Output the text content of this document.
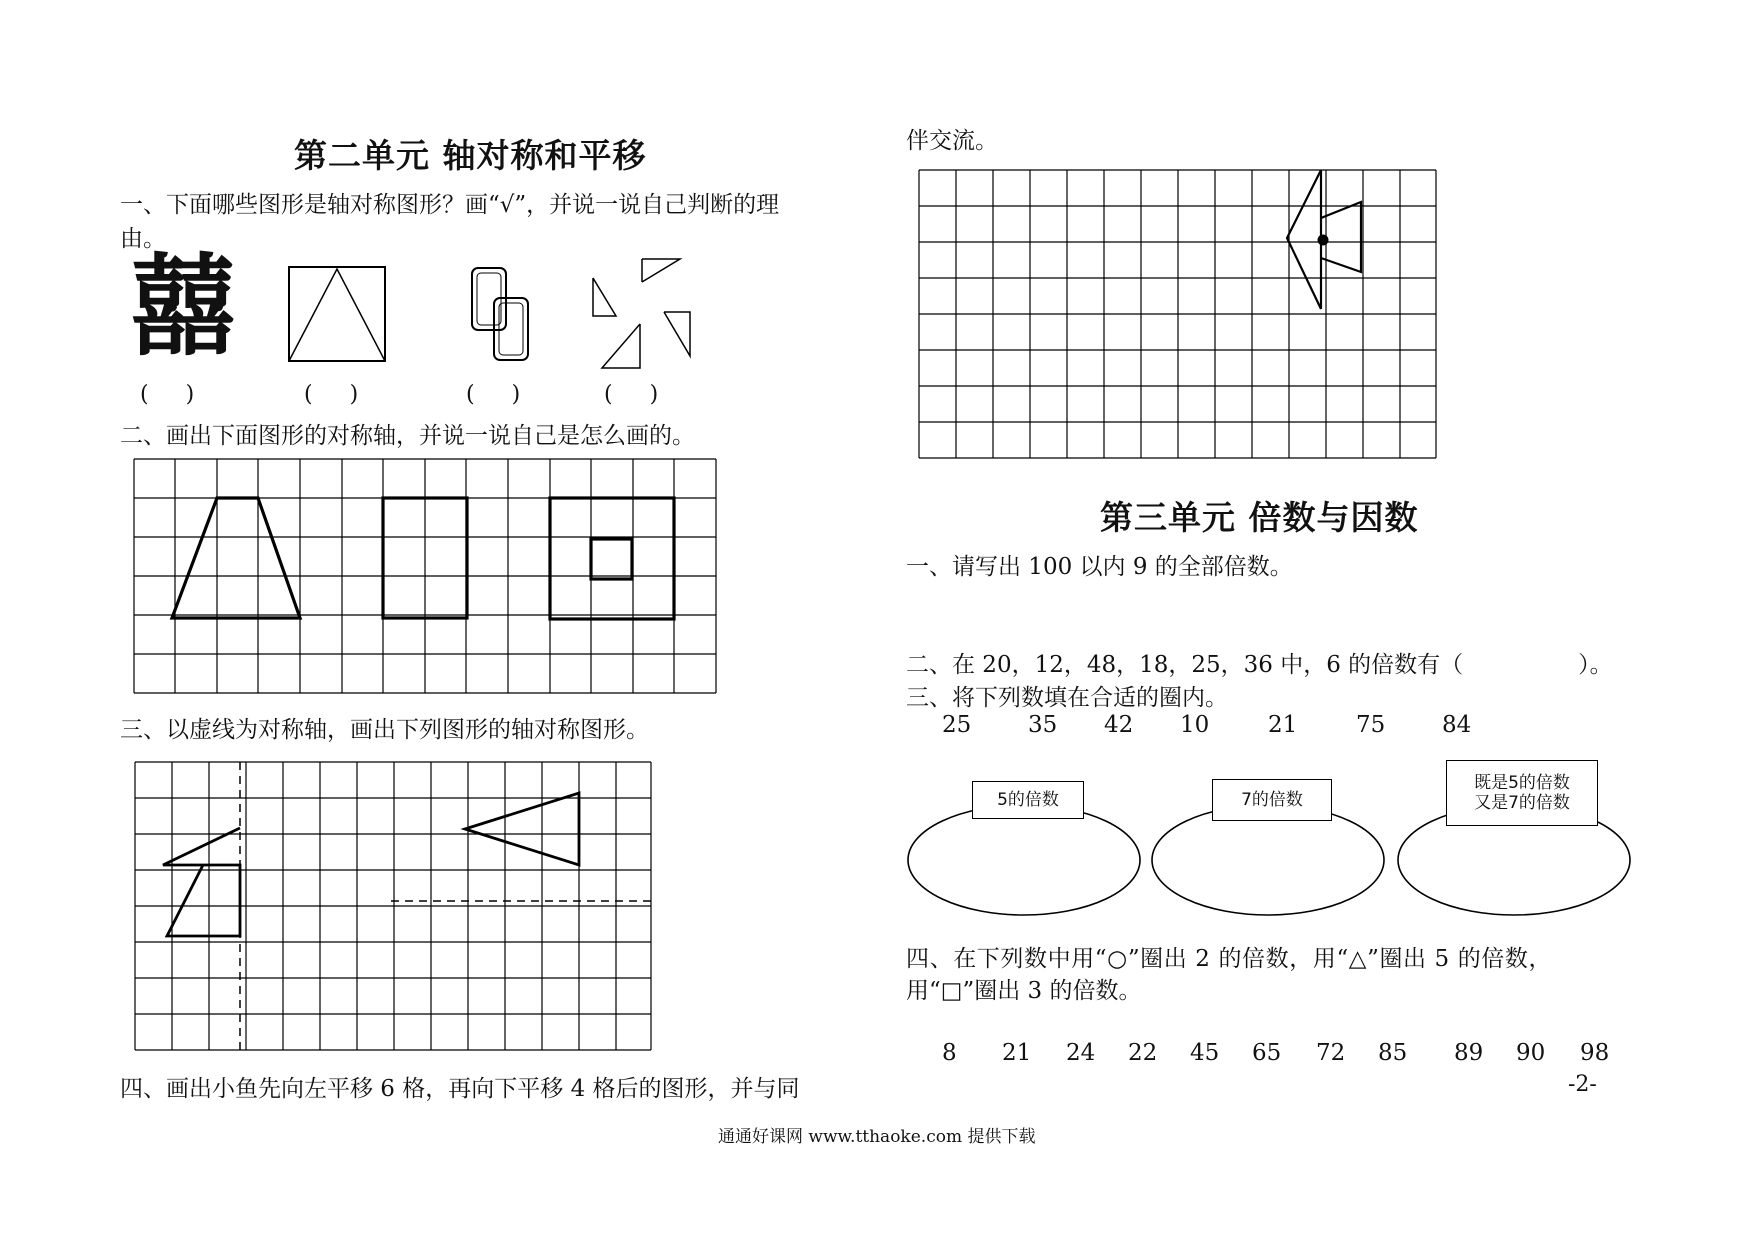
第二单元 轴对称和平移
一、下面哪些图形是轴对称图形？画“√”，并说一说自己判断的理
由。
囍
( )	( )	( )	( )
二、画出下面图形的对称轴，并说一说自己是怎么画的。
三、以虚线为对称轴，画出下列图形的轴对称图形。
四、画出小鱼先向左平移 6 格，再向下平移 4 格后的图形，并与同
伴交流。
第三单元 倍数与因数
一、请写出 100 以内 9 的全部倍数。
二、在 20，12，48，18，25，36 中，6 的倍数有（　　　　　）。
三、将下列数填在合适的圈内。
25 35 42 10	21	75 84
5的倍数	7的倍数
既是5的倍数
又是7的倍数
四、在下列数中用“○”圈出 2 的倍数，用“△”圈出 5 的倍数，
用“□”圈出 3 的倍数。
8 21 24 22 45 65 72 85 89 90 98
-2-
通通好课网 www.tthaoke.com 提供下载
